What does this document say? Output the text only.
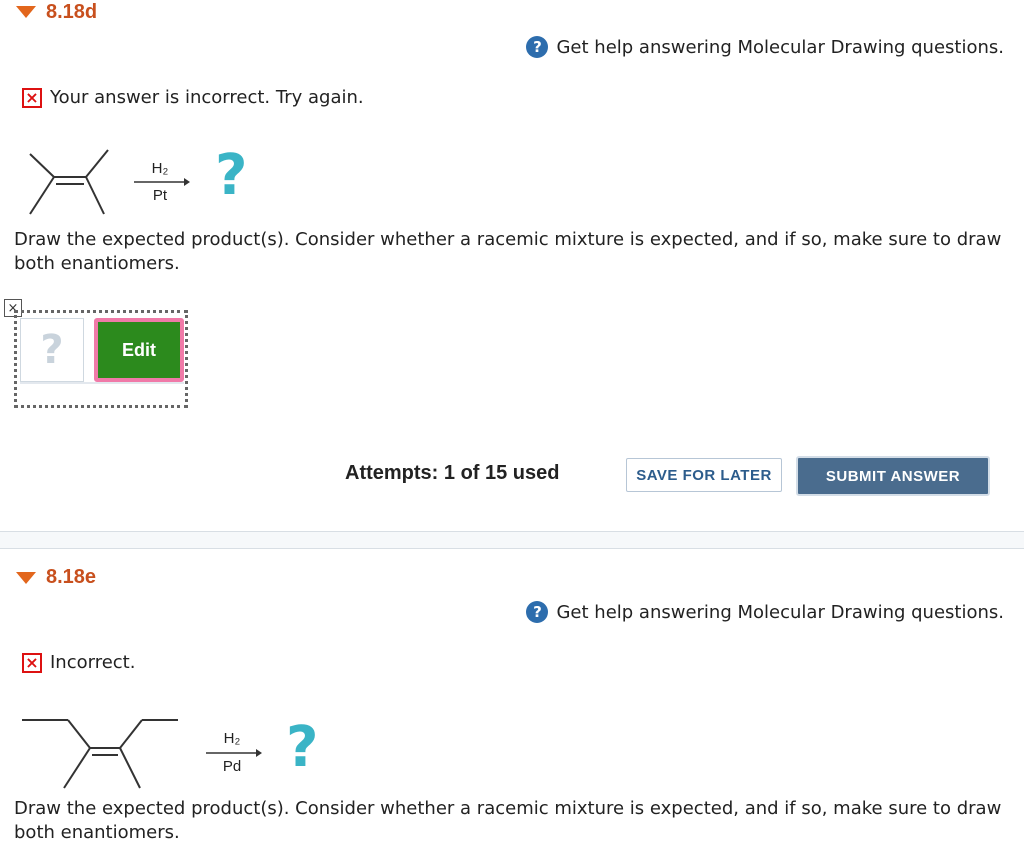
8.18d
? Get help answering Molecular Drawing questions.
× Your answer is incorrect. Try again.
H₂
Pt ?
Draw the expected product(s). Consider whether a racemic mixture is expected, and if so, make sure to draw both enantiomers.
×
?	Edit
Attempts: 1 of 15 used	SAVE FOR LATER	SUBMIT ANSWER
8.18e
? Get help answering Molecular Drawing questions.
× Incorrect.
H₂
Pd ?
Draw the expected product(s). Consider whether a racemic mixture is expected, and if so, make sure to draw both enantiomers.
